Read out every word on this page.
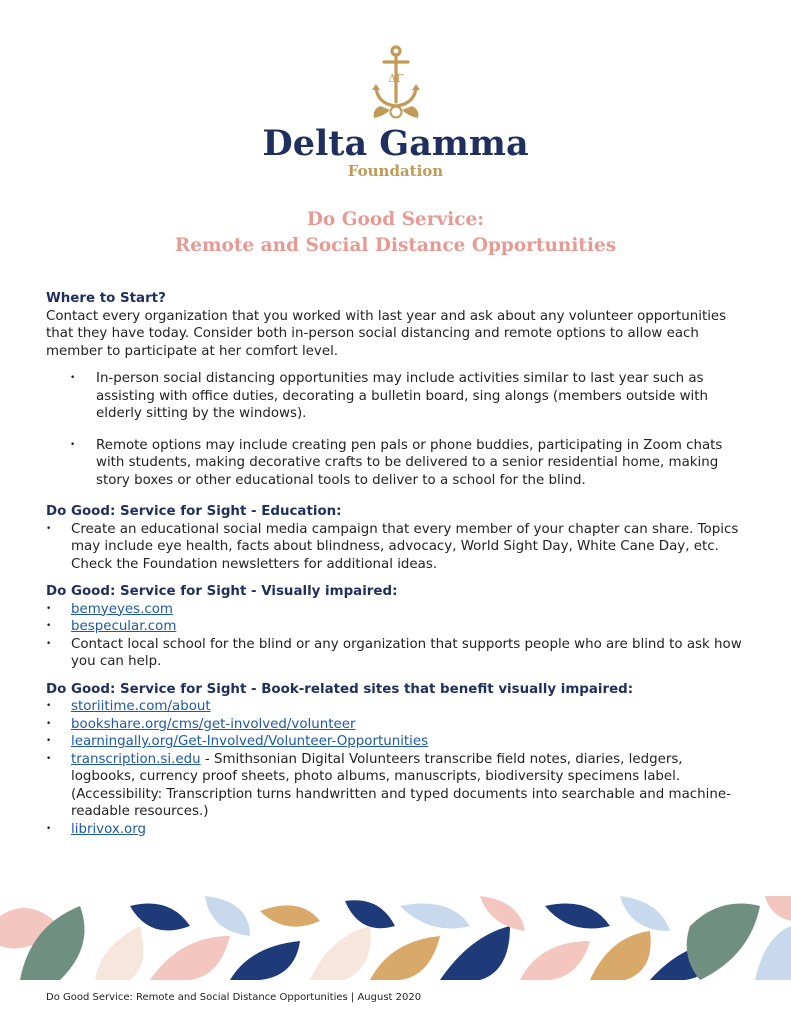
ΔΓ
Delta Gamma
Foundation
Do Good Service:
Remote and Social Distance Opportunities
Where to Start?

Contact every organization that you worked with last year and ask about any volunteer opportunities that they have today. Consider both in-person social distancing and remote options to allow each member to participate at her comfort level.

• In-person social distancing opportunities may include activities similar to last year such as assisting with office duties, decorating a bulletin board, sing alongs (members outside with elderly sitting by the windows).
• Remote options may include creating pen pals or phone buddies, participating in Zoom chats with students, making decorative crafts to be delivered to a senior residential home, making story boxes or other educational tools to deliver to a school for the blind.
Do Good: Service for Sight - Education:
• Create an educational social media campaign that every member of your chapter can share. Topics may include eye health, facts about blindness, advocacy, World Sight Day, White Cane Day, etc. Check the Foundation newsletters for additional ideas.
Do Good: Service for Sight - Visually impaired:
• bemyeyes.com
• bespecular.com
• Contact local school for the blind or any organization that supports people who are blind to ask how you can help.
Do Good: Service for Sight - Book-related sites that benefit visually impaired:
• storiitime.com/about
• bookshare.org/cms/get-involved/volunteer
• learningally.org/Get-Involved/Volunteer-Opportunities
• transcription.si.edu - Smithsonian Digital Volunteers transcribe field notes, diaries, ledgers, logbooks, currency proof sheets, photo albums, manuscripts, biodiversity specimens label. (Accessibility: Transcription turns handwritten and typed documents into searchable and machine-readable resources.)
• librivox.org
Do Good Service: Remote and Social Distance Opportunities | August 2020
